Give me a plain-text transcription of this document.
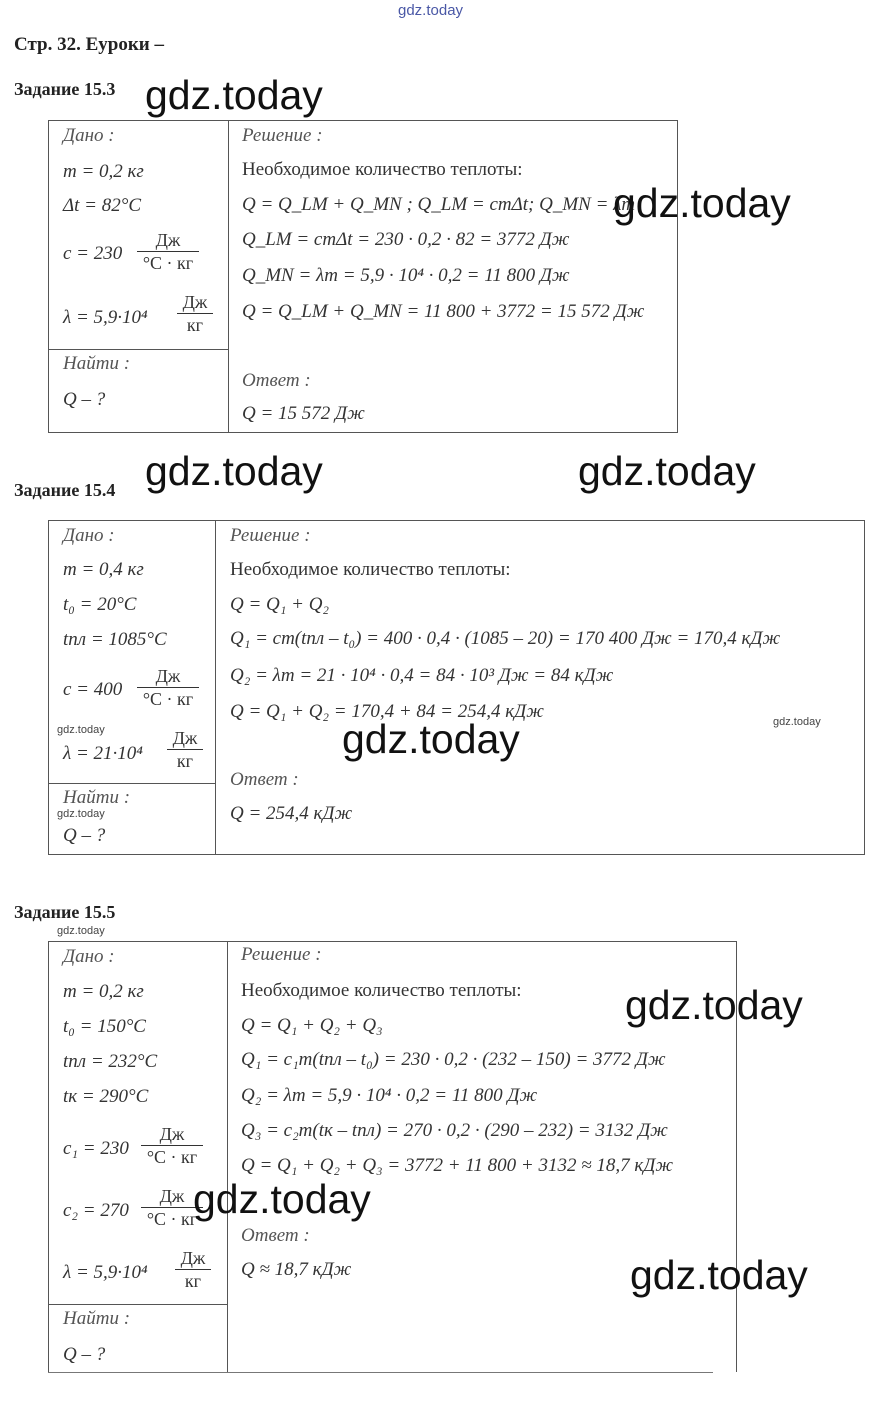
gdz.today
Стр. 32. Еуроки –
Задание 15.3
Дано :
m = 0,2 кг
Δt = 82°С
c = 230
Дж
°С · кг
λ = 5,9·10⁴
Дж
кг
Найти :
Q – ?
Решение :
Необходимое количество теплоты:
Q = Q_LM + Q_MN ; Q_LM = cmΔt; Q_MN = λm
Q_LM = cmΔt = 230 · 0,2 · 82 = 3772 Дж
Q_MN = λm = 5,9 · 10⁴ · 0,2 = 11 800 Дж
Q = Q_LM + Q_MN = 11 800 + 3772 = 15 572 Дж
Ответ :
Q = 15 572 Дж
Задание 15.4
Дано :
m = 0,4 кг
t₀ = 20°С
tпл = 1085°С
c = 400
Дж
°С · кг
λ = 21·10⁴
Дж
кг
Найти :
Q – ?
Решение :
Необходимое количество теплоты:
Q = Q₁ + Q₂
Q₁ = cm(tпл – t₀) = 400 · 0,4 · (1085 – 20) = 170 400 Дж = 170,4 кДж
Q₂ = λm = 21 · 10⁴ · 0,4 = 84 · 10³ Дж = 84 кДж
Q = Q₁ + Q₂ = 170,4 + 84 = 254,4 кДж
Ответ :
Q = 254,4 кДж
Задание 15.5
Дано :
m = 0,2 кг
t₀ = 150°С
tпл = 232°С
tк = 290°С
c₁ = 230
Дж
°С · кг
c₂ = 270
Дж
°С · кг
λ = 5,9·10⁴
Дж
кг
Найти :
Q – ?
Решение :
Необходимое количество теплоты:
Q = Q₁ + Q₂ + Q₃
Q₁ = c₁m(tпл – t₀) = 230 · 0,2 · (232 – 150) = 3772 Дж
Q₂ = λm = 5,9 · 10⁴ · 0,2 = 11 800 Дж
Q₃ = c₂m(tк – tпл) = 270 · 0,2 · (290 – 232) = 3132 Дж
Q = Q₁ + Q₂ + Q₃ = 3772 + 11 800 + 3132 ≈ 18,7 кДж
Ответ :
Q ≈ 18,7 кДж
gdz.today
gdz.today
gdz.today	gdz.today
gdz.today	gdz.today
gdz.today
gdz.today
gdz.today
gdz.today
gdz.today
gdz.today
